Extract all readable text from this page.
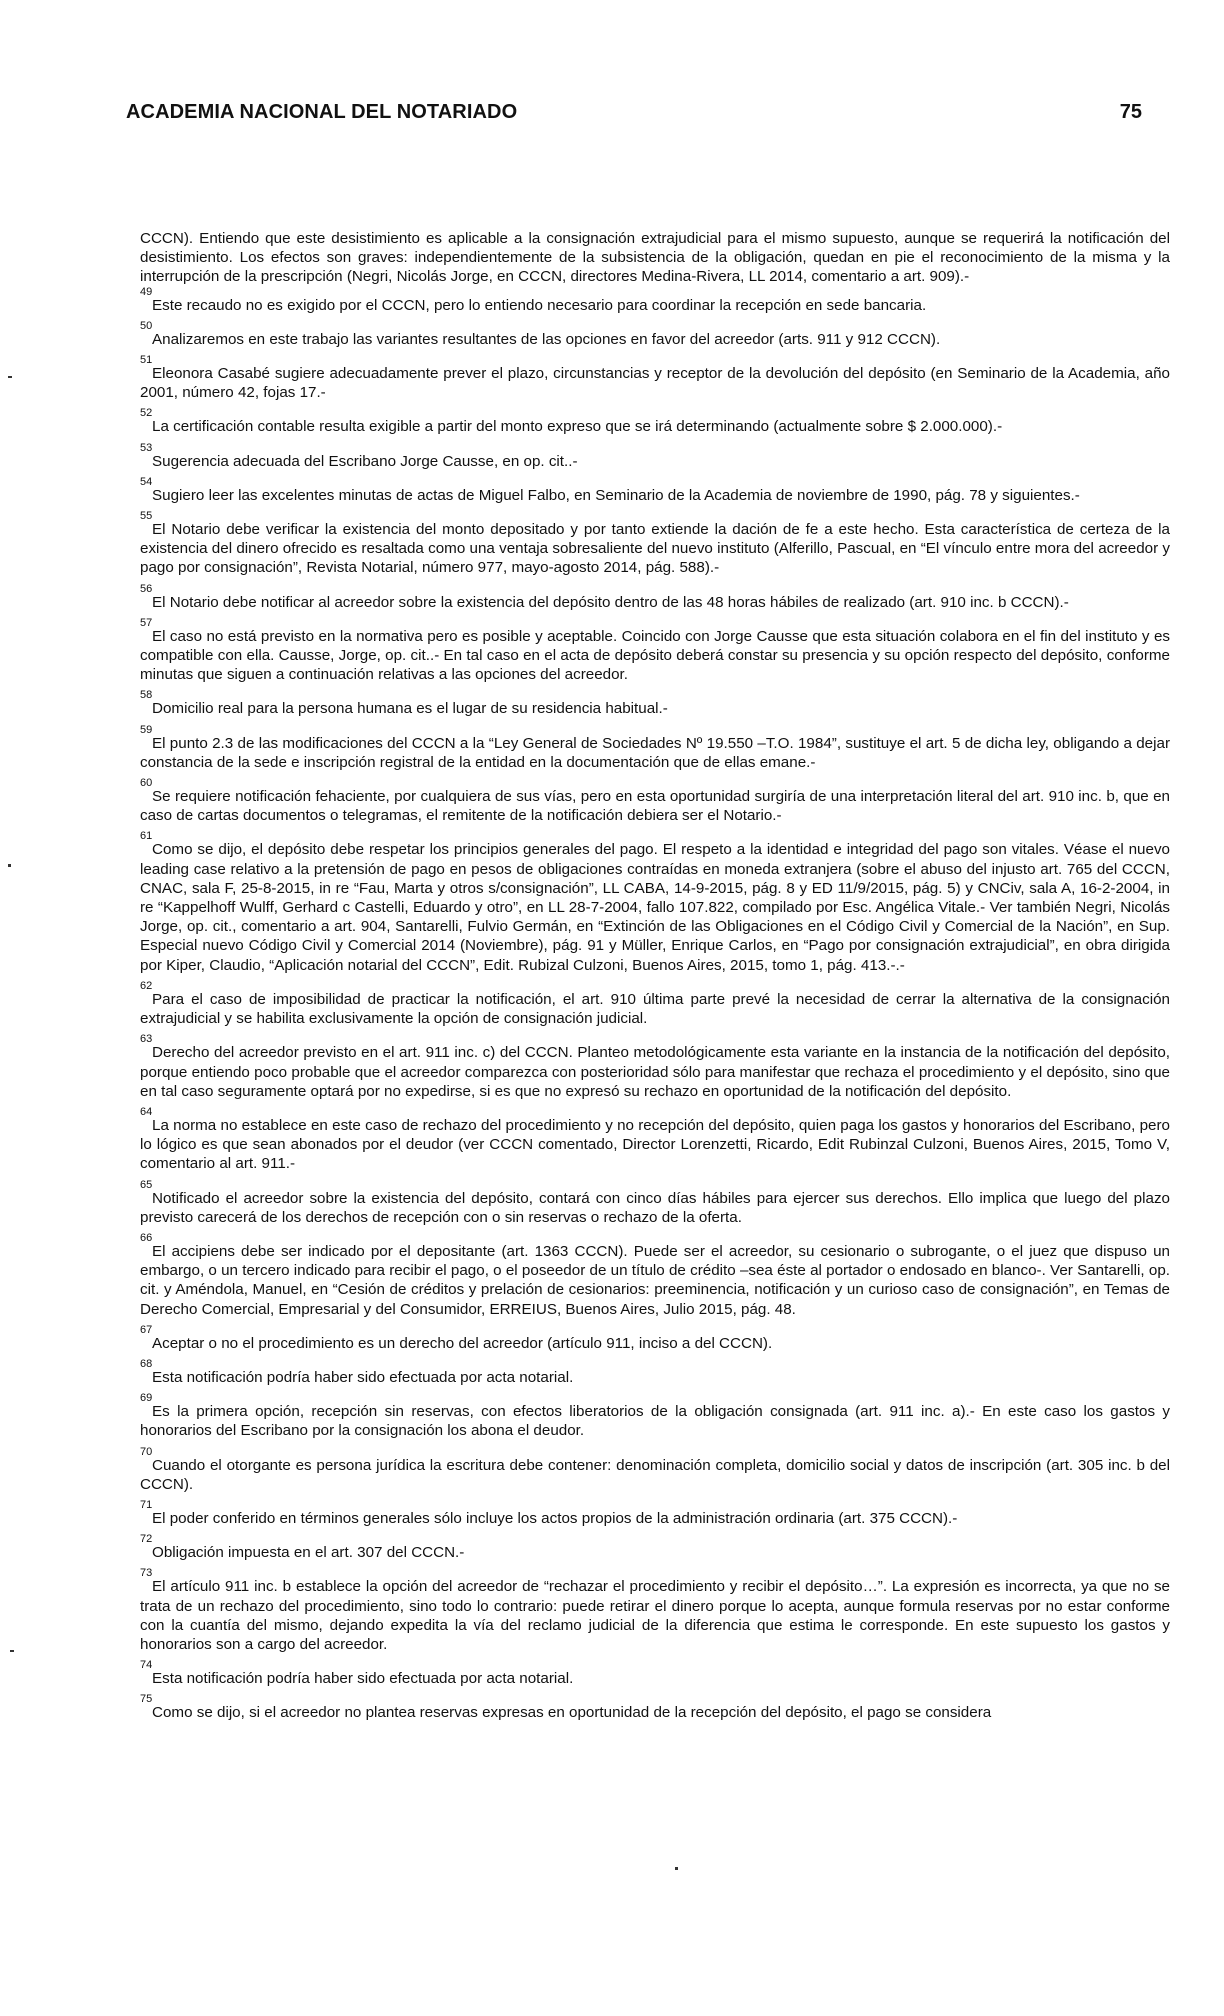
ACADEMIA NACIONAL DEL NOTARIADO	75

CCCN). Entiendo que este desistimiento es aplicable a la consignación extrajudicial para el mismo supuesto, aunque se requerirá la notificación del desistimiento. Los efectos son graves: independientemente de la subsistencia de la obligación, quedan en pie el reconocimiento de la misma y la interrupción de la prescripción (Negri, Nicolás Jorge, en CCCN, directores Medina-Rivera, LL 2014, comentario a art. 909).-

49
Este recaudo no es exigido por el CCCN, pero lo entiendo necesario para coordinar la recepción en sede bancaria.
50
Analizaremos en este trabajo las variantes resultantes de las opciones en favor del acreedor (arts. 911 y 912 CCCN).
51
Eleonora Casabé sugiere adecuadamente prever el plazo, circunstancias y receptor de la devolución del depósito (en Seminario de la Academia, año 2001, número 42, fojas 17.-
52
La certificación contable resulta exigible a partir del monto expreso que se irá determinando (actualmente sobre $ 2.000.000).-
53
Sugerencia adecuada del Escribano Jorge Causse, en op. cit..-
54
Sugiero leer las excelentes minutas de actas de Miguel Falbo, en Seminario de la Academia de noviembre de 1990, pág. 78 y siguientes.-
55
El Notario debe verificar la existencia del monto depositado y por tanto extiende la dación de fe a este hecho. Esta característica de certeza de la existencia del dinero ofrecido es resaltada como una ventaja sobresaliente del nuevo instituto (Alferillo, Pascual, en “El vínculo entre mora del acreedor y pago por consignación”, Revista Notarial, número 977, mayo-agosto 2014, pág. 588).-
56
El Notario debe notificar al acreedor sobre la existencia del depósito dentro de las 48 horas hábiles de realizado (art. 910 inc. b CCCN).-
57
El caso no está previsto en la normativa pero es posible y aceptable. Coincido con Jorge Causse que esta situación colabora en el fin del instituto y es compatible con ella. Causse, Jorge, op. cit..- En tal caso en el acta de depósito deberá constar su presencia y su opción respecto del depósito, conforme minutas que siguen a continuación relativas a las opciones del acreedor.
58
Domicilio real para la persona humana es el lugar de su residencia habitual.-
59
El punto 2.3 de las modificaciones del CCCN a la “Ley General de Sociedades Nº 19.550 –T.O. 1984”, sustituye el art. 5 de dicha ley, obligando a dejar constancia de la sede e inscripción registral de la entidad en la documentación que de ellas emane.-
60
Se requiere notificación fehaciente, por cualquiera de sus vías, pero en esta oportunidad surgiría de una interpretación literal del art. 910 inc. b, que en caso de cartas documentos o telegramas, el remitente de la notificación debiera ser el Notario.-
61
Como se dijo, el depósito debe respetar los principios generales del pago. El respeto a la identidad e integridad del pago son vitales. Véase el nuevo leading case relativo a la pretensión de pago en pesos de obligaciones contraídas en moneda extranjera (sobre el abuso del injusto art. 765 del CCCN, CNAC, sala F, 25-8-2015, in re “Fau, Marta y otros s/consignación”, LL CABA, 14-9-2015, pág. 8 y ED 11/9/2015, pág. 5) y CNCiv, sala A, 16-2-2004, in re “Kappelhoff Wulff, Gerhard c Castelli, Eduardo y otro”, en LL 28-7-2004, fallo 107.822, compilado por Esc. Angélica Vitale.- Ver también Negri, Nicolás Jorge, op. cit., comentario a art. 904, Santarelli, Fulvio Germán, en “Extinción de las Obligaciones en el Código Civil y Comercial de la Nación”, en Sup. Especial nuevo Código Civil y Comercial 2014 (Noviembre), pág. 91 y Müller, Enrique Carlos, en “Pago por consignación extrajudicial”, en obra dirigida por Kiper, Claudio, “Aplicación notarial del CCCN”, Edit. Rubizal Culzoni, Buenos Aires, 2015, tomo 1, pág. 413.-.-
62
Para el caso de imposibilidad de practicar la notificación, el art. 910 última parte prevé la necesidad de cerrar la alternativa de la consignación extrajudicial y se habilita exclusivamente la opción de consignación judicial.
63
Derecho del acreedor previsto en el art. 911 inc. c) del CCCN. Planteo metodológicamente esta variante en la instancia de la notificación del depósito, porque entiendo poco probable que el acreedor comparezca con posterioridad sólo para manifestar que rechaza el procedimiento y el depósito, sino que en tal caso seguramente optará por no expedirse, si es que no expresó su rechazo en oportunidad de la notificación del depósito.
64
La norma no establece en este caso de rechazo del procedimiento y no recepción del depósito, quien paga los gastos y honorarios del Escribano, pero lo lógico es que sean abonados por el deudor (ver CCCN comentado, Director Lorenzetti, Ricardo, Edit Rubinzal Culzoni, Buenos Aires, 2015, Tomo V, comentario al art. 911.-
65
Notificado el acreedor sobre la existencia del depósito, contará con cinco días hábiles para ejercer sus derechos. Ello implica que luego del plazo previsto carecerá de los derechos de recepción con o sin reservas o rechazo de la oferta.
66
El accipiens debe ser indicado por el depositante (art. 1363 CCCN). Puede ser el acreedor, su cesionario o subrogante, o el juez que dispuso un embargo, o un tercero indicado para recibir el pago, o el poseedor de un título de crédito –sea éste al portador o endosado en blanco-. Ver Santarelli, op. cit. y Améndola, Manuel, en “Cesión de créditos y prelación de cesionarios: preeminencia, notificación y un curioso caso de consignación”, en Temas de Derecho Comercial, Empresarial y del Consumidor, ERREIUS, Buenos Aires, Julio 2015, pág. 48.
67
Aceptar o no el procedimiento es un derecho del acreedor (artículo 911, inciso a del CCCN).
68
Esta notificación podría haber sido efectuada por acta notarial.
69
Es la primera opción, recepción sin reservas, con efectos liberatorios de la obligación consignada (art. 911 inc. a).- En este caso los gastos y honorarios del Escribano por la consignación los abona el deudor.
70
Cuando el otorgante es persona jurídica la escritura debe contener: denominación completa, domicilio social y datos de inscripción (art. 305 inc. b del CCCN).
71
El poder conferido en términos generales sólo incluye los actos propios de la administración ordinaria (art. 375 CCCN).-
72
Obligación impuesta en el art. 307 del CCCN.-
73
El artículo 911 inc. b establece la opción del acreedor de “rechazar el procedimiento y recibir el depósito…”. La expresión es incorrecta, ya que no se trata de un rechazo del procedimiento, sino todo lo contrario: puede retirar el dinero porque lo acepta, aunque formula reservas por no estar conforme con la cuantía del mismo, dejando expedita la vía del reclamo judicial de la diferencia que estima le corresponde. En este supuesto los gastos y honorarios son a cargo del acreedor.
74
Esta notificación podría haber sido efectuada por acta notarial.
75
Como se dijo, si el acreedor no plantea reservas expresas en oportunidad de la recepción del depósito, el pago se considera
